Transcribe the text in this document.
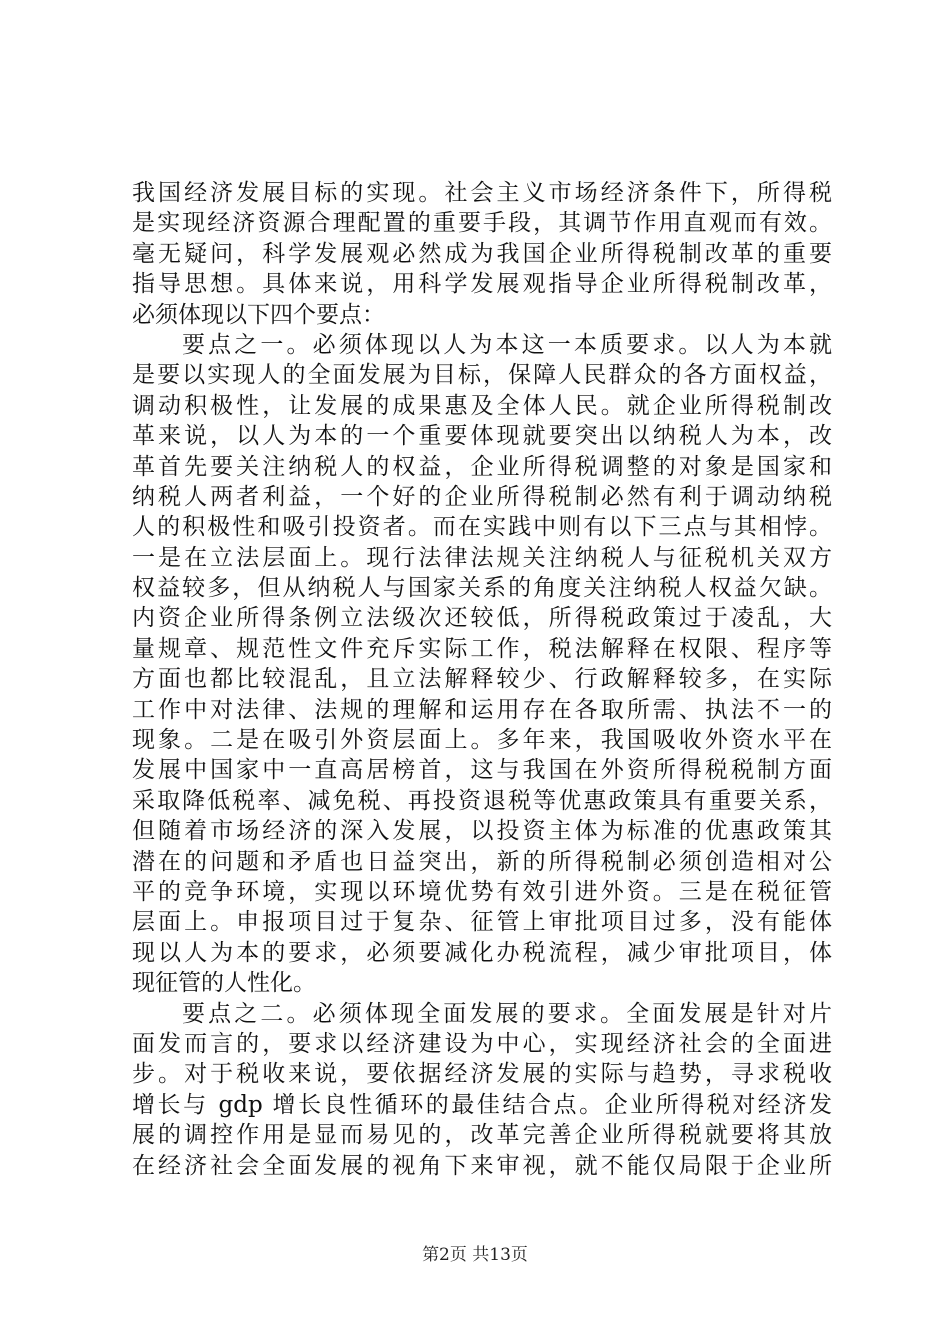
我国经济发展目标的实现。社会主义市场经济条件下，所得税
是实现经济资源合理配置的重要手段，其调节作用直观而有效。
毫无疑问，科学发展观必然成为我国企业所得税制改革的重要
指导思想。具体来说，用科学发展观指导企业所得税制改革，
必须体现以下四个要点：
要点之一。必须体现以人为本这一本质要求。以人为本就
是要以实现人的全面发展为目标，保障人民群众的各方面权益，
调动积极性，让发展的成果惠及全体人民。就企业所得税制改
革来说，以人为本的一个重要体现就要突出以纳税人为本，改
革首先要关注纳税人的权益，企业所得税调整的对象是国家和
纳税人两者利益，一个好的企业所得税制必然有利于调动纳税
人的积极性和吸引投资者。而在实践中则有以下三点与其相悖。
一是在立法层面上。现行法律法规关注纳税人与征税机关双方
权益较多，但从纳税人与国家关系的角度关注纳税人权益欠缺。
内资企业所得条例立法级次还较低，所得税政策过于凌乱，大
量规章、规范性文件充斥实际工作，税法解释在权限、程序等
方面也都比较混乱，且立法解释较少、行政解释较多，在实际
工作中对法律、法规的理解和运用存在各取所需、执法不一的
现象。二是在吸引外资层面上。多年来，我国吸收外资水平在
发展中国家中一直高居榜首，这与我国在外资所得税税制方面
采取降低税率、减免税、再投资退税等优惠政策具有重要关系，
但随着市场经济的深入发展，以投资主体为标准的优惠政策其
潜在的问题和矛盾也日益突出，新的所得税制必须创造相对公
平的竞争环境，实现以环境优势有效引进外资。三是在税征管
层面上。申报项目过于复杂、征管上审批项目过多，没有能体
现以人为本的要求，必须要减化办税流程，减少审批项目，体
现征管的人性化。
要点之二。必须体现全面发展的要求。全面发展是针对片
面发而言的，要求以经济建设为中心，实现经济社会的全面进
步。对于税收来说，要依据经济发展的实际与趋势，寻求税收
增长与 gdp 增长良性循环的最佳结合点。企业所得税对经济发
展的调控作用是显而易见的，改革完善企业所得税就要将其放
在经济社会全面发展的视角下来审视，就不能仅局限于企业所
第2页 共13页
